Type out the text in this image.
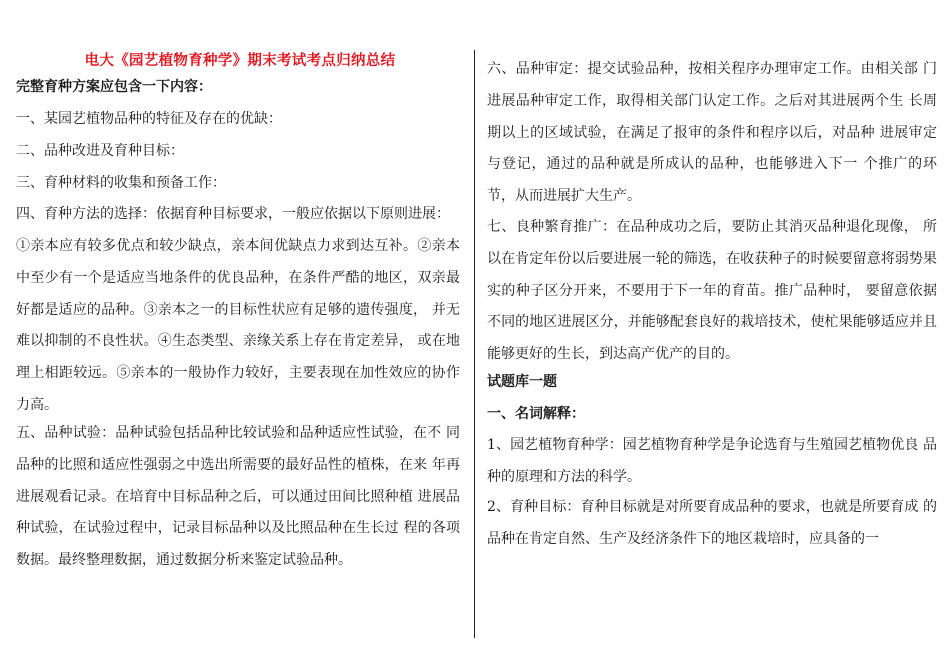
电大《园艺植物育种学》期末考试考点归纳总结
完整育种方案应包含一下内容：
一、某园艺植物品种的特征及存在的优缺：
二、品种改进及育种目标：
三、育种材料的收集和预备工作：
四、育种方法的选择：依据育种目标要求，一般应依据以下原则进展：
①亲本应有较多优点和较少缺点，亲本间优缺点力求到达互补。②亲本中至少有一个是适应当地条件的优良品种，在条件严酷的地区，双亲最好都是适应的品种。③亲本之一的目标性状应有足够的遗传强度， 并无难以抑制的不良性状。④生态类型、亲缘关系上存在肯定差异， 或在地理上相距较远。⑤亲本的一般协作力较好，主要表现在加性效应的协作力高。
五、品种试验：品种试验包括品种比较试验和品种适应性试验，在不 同品种的比照和适应性强弱之中选出所需要的最好品性的植株，在来 年再进展观看记录。在培育中目标品种之后，可以通过田间比照种植 进展品种试验，在试验过程中，记录目标品种以及比照品种在生长过 程的各项数据。最终整理数据，通过数据分析来鉴定试验品种。
六、品种审定：提交试验品种，按相关程序办理审定工作。由相关部 门进展品种审定工作，取得相关部门认定工作。之后对其进展两个生 长周期以上的区域试验，在满足了报审的条件和程序以后，对品种 进展审定与登记，通过的品种就是所成认的品种，也能够进入下一 个推广的环节，从而进展扩大生产。
七、良种繁育推广：在品种成功之后，要防止其消灭品种退化现像， 所以在肯定年份以后要进展一轮的筛选，在收获种子的时候要留意将弱势果实的种子区分开来，不要用于下一年的育苗。推广品种时， 要留意依据不同的地区进展区分，并能够配套良好的栽培技术，使杧果能够适应并且能够更好的生长，到达高产优产的目的。
试题库一题
一、名词解释：
1、园艺植物育种学：园艺植物育种学是争论选育与生殖园艺植物优良 品种的原理和方法的科学。
2、育种目标：育种目标就是对所要育成品种的要求，也就是所要育成 的品种在肯定自然、生产及经济条件下的地区栽培时，应具备的一
